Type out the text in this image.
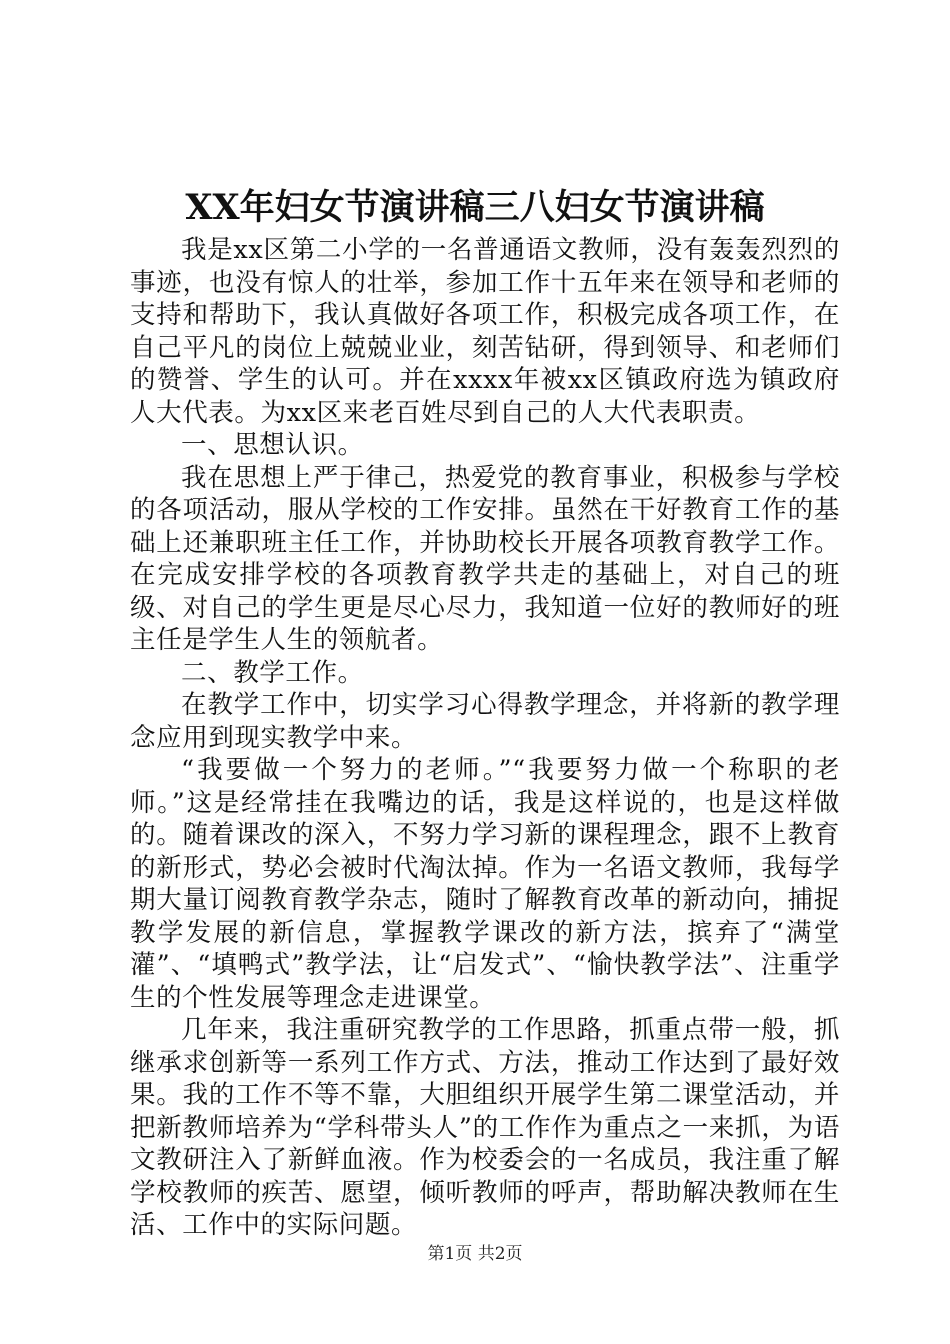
XX年妇女节演讲稿三八妇女节演讲稿

我是xx区第二小学的一名普通语文教师，没有轰轰烈烈的事迹，也没有惊人的壮举，参加工作十五年来在领导和老师的支持和帮助下，我认真做好各项工作，积极完成各项工作，在自己平凡的岗位上兢兢业业，刻苦钻研，得到领导、和老师们的赞誉、学生的认可。并在xxxx年被xx区镇政府选为镇政府人大代表。为xx区来老百姓尽到自己的人大代表职责。

一、思想认识。

我在思想上严于律己，热爱党的教育事业，积极参与学校的各项活动，服从学校的工作安排。虽然在干好教育工作的基础上还兼职班主任工作，并协助校长开展各项教育教学工作。在完成安排学校的各项教育教学共走的基础上，对自己的班级、对自己的学生更是尽心尽力，我知道一位好的教师好的班主任是学生人生的领航者。

二、教学工作。

在教学工作中，切实学习心得教学理念，并将新的教学理念应用到现实教学中来。

“我要做一个努力的老师。”“我要努力做一个称职的老师。”这是经常挂在我嘴边的话，我是这样说的，也是这样做的。随着课改的深入，不努力学习新的课程理念，跟不上教育的新形式，势必会被时代淘汰掉。作为一名语文教师，我每学期大量订阅教育教学杂志，随时了解教育改革的新动向，捕捉教学发展的新信息，掌握教学课改的新方法，摈弃了“满堂灌”、“填鸭式”教学法，让“启发式”、“愉快教学法”、注重学生的个性发展等理念走进课堂。

几年来，我注重研究教学的工作思路，抓重点带一般，抓继承求创新等一系列工作方式、方法，推动工作达到了最好效果。我的工作不等不靠，大胆组织开展学生第二课堂活动，并把新教师培养为“学科带头人”的工作作为重点之一来抓，为语文教研注入了新鲜血液。作为校委会的一名成员，我注重了解学校教师的疾苦、愿望，倾听教师的呼声，帮助解决教师在生活、工作中的实际问题。

第1页 共2页
